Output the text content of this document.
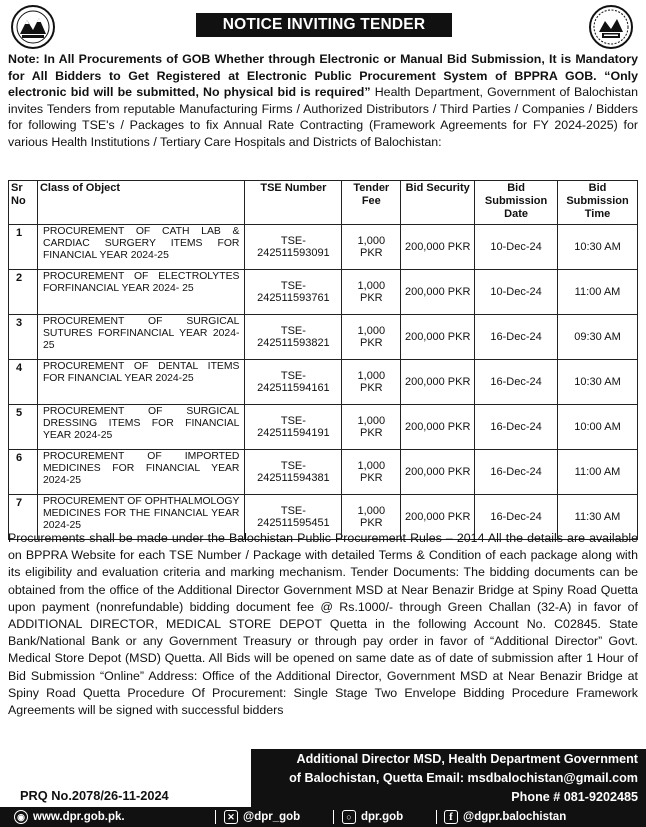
NOTICE INVITING TENDER
Note: In All Procurements of GOB Whether through Electronic or Manual Bid Submission, It is Mandatory for All Bidders to Get Registered at Electronic Public Procurement System of BPPRA GOB. “Only electronic bid will be submitted, No physical bid is required” Health Department, Government of Balochistan invites Tenders from reputable Manufacturing Firms / Authorized Distributors / Third Parties / Companies / Bidders for following TSE's / Packages to fix Annual Rate Contracting (Framework Agreements for FY 2024-2025) for various Health Institutions / Tertiary Care Hospitals and Districts of Balochistan:
Sr No	Class of Object	TSE Number	Tender Fee	Bid Security	Bid Submission Date	Bid Submission Time
1	PROCUREMENT OF CATH LAB & CARDIAC SURGERY ITEMS FOR FINANCIAL YEAR 2024-25	TSE-242511593091	1,000 PKR	200,000 PKR	10-Dec-24	10:30 AM
2	PROCUREMENT OF ELECTROLYTES FORFINANCIAL YEAR 2024- 25	TSE-242511593761	1,000 PKR	200,000 PKR	10-Dec-24	11:00 AM
3	PROCUREMENT OF SURGICAL SUTURES FORFINANCIAL YEAR 2024-25	TSE-242511593821	1,000 PKR	200,000 PKR	16-Dec-24	09:30 AM
4	PROCUREMENT OF DENTAL ITEMS FOR FINANCIAL YEAR 2024-25	TSE-242511594161	1,000 PKR	200,000 PKR	16-Dec-24	10:30 AM
5	PROCUREMENT OF SURGICAL DRESSING ITEMS FOR FINANCIAL YEAR 2024-25	TSE-242511594191	1,000 PKR	200,000 PKR	16-Dec-24	10:00 AM
6	PROCUREMENT OF IMPORTED MEDICINES FOR FINANCIAL YEAR 2024-25	TSE-242511594381	1,000 PKR	200,000 PKR	16-Dec-24	11:00 AM
7	PROCUREMENT OF OPHTHALMOLOGY MEDICINES FOR THE FINANCIAL YEAR 2024-25	TSE-242511595451	1,000 PKR	200,000 PKR	16-Dec-24	11:30 AM
Procurements shall be made under the Balochistan Public Procurement Rules – 2014 All the details are available on BPPRA Website for each TSE Number / Package with detailed Terms & Condition of each package along with its eligibility and evaluation criteria and marking mechanism. Tender Documents: The bidding documents can be obtained from the office of the Additional Director Government MSD at Near Benazir Bridge at Spiny Road Quetta upon payment (nonrefundable) bidding document fee @ Rs.1000/- through Green Challan (32-A) in favor of ADDITIONAL DIRECTOR, MEDICAL STORE DEPOT Quetta in the following Account No. C02845. State Bank/National Bank or any Government Treasury or through pay order in favor of “Additional Director” Govt. Medical Store Depot (MSD) Quetta. All Bids will be opened on same date as of date of submission after 1 Hour of Bid Submission “Online” Address: Office of the Additional Director, Government MSD at Near Benazir Bridge at Spiny Road Quetta Procedure Of Procurement: Single Stage Two Envelope Bidding Procedure Framework Agreements will be signed with successful bidders
PRQ No.2078/26-11-2024
Additional Director MSD, Health Department Government
of Balochistan, Quetta Email: msdbalochistan@gmail.com
Phone # 081-9202485
◉ www.dpr.gob.pk.	✕ @dpr_gob	○ dpr.gob	f @dgpr.balochistan
